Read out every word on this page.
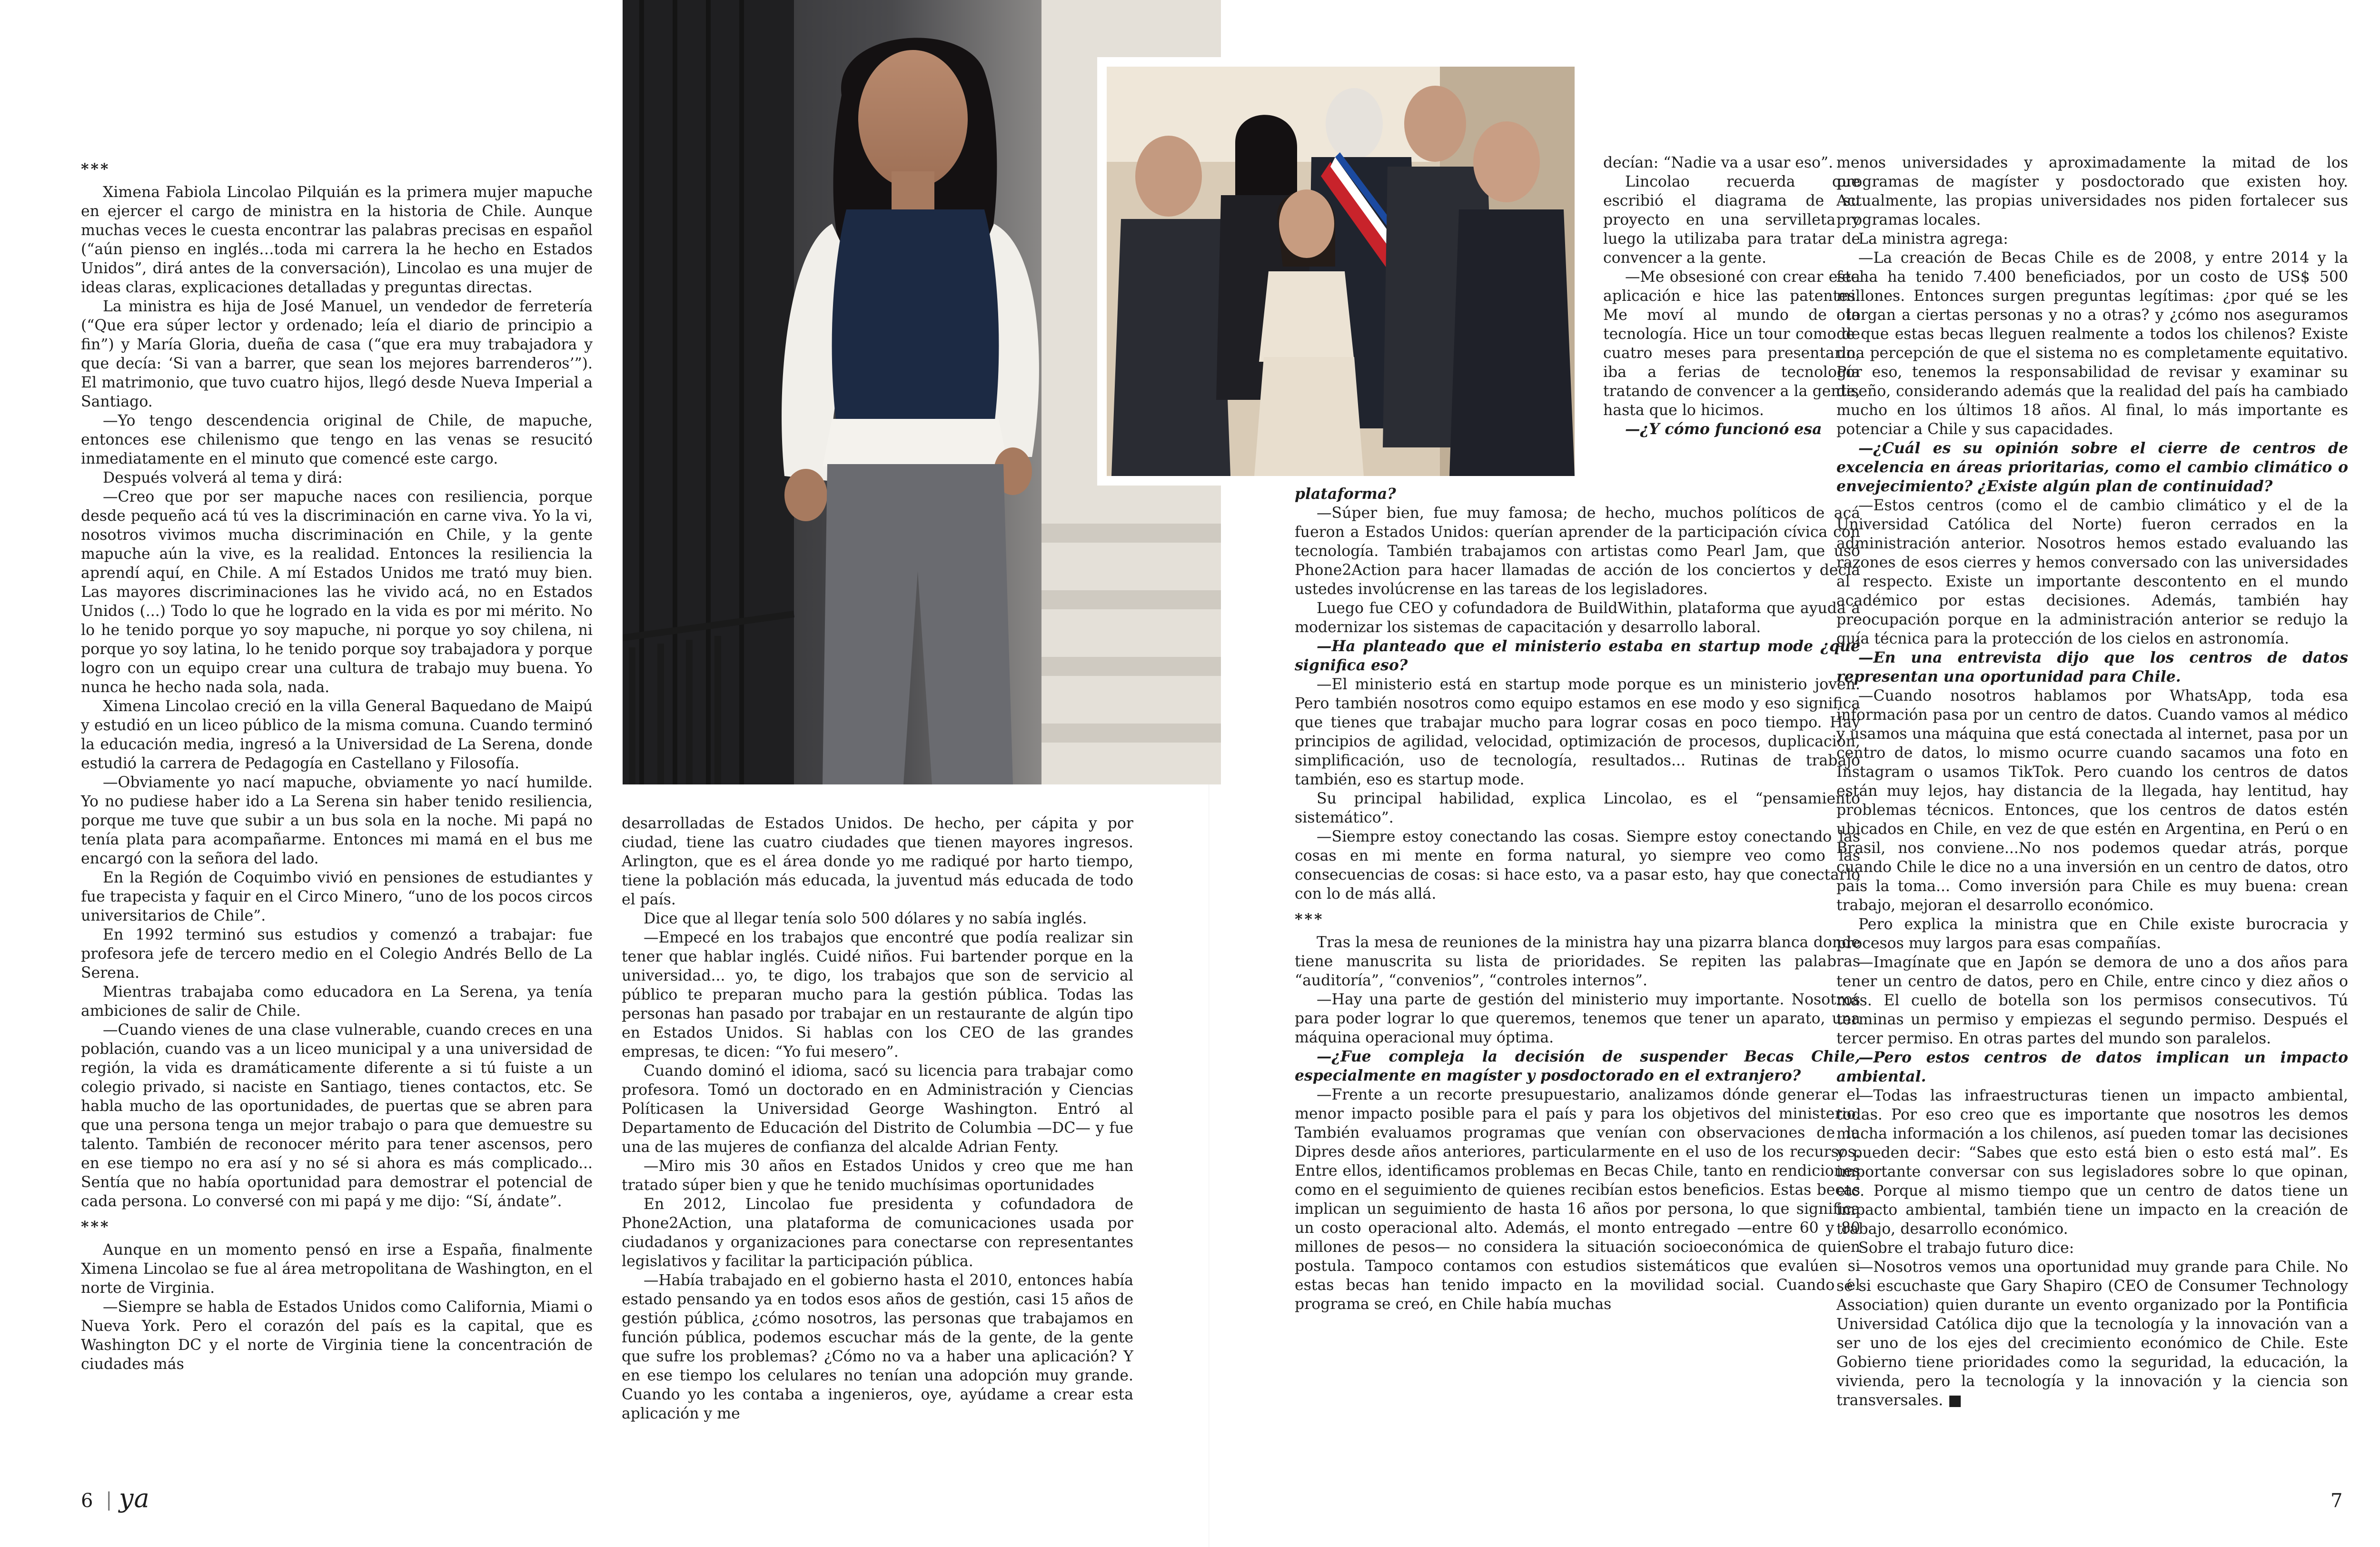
***

Ximena Fabiola Lincolao Pilquián es la primera mujer mapuche en ejercer el cargo de ministra en la historia de Chile. Aunque muchas veces le cuesta encontrar las palabras precisas en español (“aún pienso en inglés…toda mi carrera la he hecho en Estados Unidos”, dirá antes de la conversación), Lincolao es una mujer de ideas claras, explicaciones detalladas y preguntas directas.

La ministra es hija de José Manuel, un vendedor de ferretería (“Que era súper lector y ordenado; leía el diario de principio a fin”) y María Gloria, dueña de casa (“que era muy trabajadora y que decía: ‘Si van a barrer, que sean los mejores barrenderos’”). El matrimonio, que tuvo cuatro hijos, llegó desde Nueva Imperial a Santiago.

—Yo tengo descendencia original de Chile, de mapuche, entonces ese chilenismo que tengo en las venas se resucitó inmediatamente en el minuto que comencé este cargo.

Después volverá al tema y dirá:

—Creo que por ser mapuche naces con resiliencia, porque desde pequeño acá tú ves la discriminación en carne viva. Yo la vi, nosotros vivimos mucha discriminación en Chile, y la gente mapuche aún la vive, es la realidad. Entonces la resiliencia la aprendí aquí, en Chile. A mí Estados Unidos me trató muy bien. Las mayores discriminaciones las he vivido acá, no en Estados Unidos (...) Todo lo que he logrado en la vida es por mi mérito. No lo he tenido porque yo soy mapuche, ni porque yo soy chilena, ni porque yo soy latina, lo he tenido porque soy trabajadora y porque logro con un equipo crear una cultura de trabajo muy buena. Yo nunca he hecho nada sola, nada.

Ximena Lincolao creció en la villa General Baquedano de Maipú y estudió en un liceo público de la misma comuna. Cuando terminó la educación media, ingresó a la Universidad de La Serena, donde estudió la carrera de Pedagogía en Castellano y Filosofía.

—Obviamente yo nací mapuche, obviamente yo nací humilde. Yo no pudiese haber ido a La Serena sin haber tenido resiliencia, porque me tuve que subir a un bus sola en la noche. Mi papá no tenía plata para acompañarme. Entonces mi mamá en el bus me encargó con la señora del lado.

En la Región de Coquimbo vivió en pensiones de estudiantes y fue trapecista y faquir en el Circo Minero, “uno de los pocos circos universitarios de Chile”.

En 1992 terminó sus estudios y comenzó a trabajar: fue profesora jefe de tercero medio en el Colegio Andrés Bello de La Serena.

Mientras trabajaba como educadora en La Serena, ya tenía ambiciones de salir de Chile.

—Cuando vienes de una clase vulnerable, cuando creces en una población, cuando vas a un liceo municipal y a una universidad de región, la vida es dramáticamente diferente a si tú fuiste a un colegio privado, si naciste en Santiago, tienes contactos, etc. Se habla mucho de las oportunidades, de puertas que se abren para que una persona tenga un mejor trabajo o para que demuestre su talento. También de reconocer mérito para tener ascensos, pero en ese tiempo no era así y no sé si ahora es más complicado... Sentía que no había oportunidad para demostrar el potencial de cada persona. Lo conversé con mi papá y me dijo: “Sí, ándate”.

***

Aunque en un momento pensó en irse a España, finalmente Ximena Lincolao se fue al área metropolitana de Washington, en el norte de Virginia.

—Siempre se habla de Estados Unidos como California, Miami o Nueva York. Pero el corazón del país es la capital, que es Washington DC y el norte de Virginia tiene la concentración de ciudades más

desarrolladas de Estados Unidos. De hecho, per cápita y por ciudad, tiene las cuatro ciudades que tienen mayores ingresos. Arlington, que es el área donde yo me radiqué por harto tiempo, tiene la población más educada, la juventud más educada de todo el país.

Dice que al llegar tenía solo 500 dólares y no sabía inglés.

—Empecé en los trabajos que encontré que podía realizar sin tener que hablar inglés. Cuidé niños. Fui bartender porque en la universidad... yo, te digo, los trabajos que son de servicio al público te preparan mucho para la gestión pública. Todas las personas han pasado por trabajar en un restaurante de algún tipo en Estados Unidos. Si hablas con los CEO de las grandes empresas, te dicen: “Yo fui mesero”.

Cuando dominó el idioma, sacó su licencia para trabajar como profesora. Tomó un doctorado en en Administración y Ciencias Políticasen la Universidad George Washington. Entró al Departamento de Educación del Distrito de Columbia —DC— y fue una de las mujeres de confianza del alcalde Adrian Fenty.

—Miro mis 30 años en Estados Unidos y creo que me han tratado súper bien y que he tenido muchísimas oportunidades

En 2012, Lincolao fue presidenta y cofundadora de Phone2Action, una plataforma de comunicaciones usada por ciudadanos y organizaciones para conectarse con representantes legislativos y facilitar la participación pública.

—Había trabajado en el gobierno hasta el 2010, entonces había estado pensando ya en todos esos años de gestión, casi 15 años de gestión pública, ¿cómo nosotros, las personas que trabajamos en función pública, podemos escuchar más de la gente, de la gente que sufre los problemas? ¿Cómo no va a haber una aplicación? Y en ese tiempo los celulares no tenían una adopción muy grande. Cuando yo les contaba a ingenieros, oye, ayúdame a crear esta aplicación y me

decían: “Nadie va a usar eso”.

Lincolao recuerda que escribió el diagrama de su proyecto en una servilleta y luego la utilizaba para tratar de convencer a la gente.

—Me obsesioné con crear esta aplicación e hice las patentes. Me moví al mundo de la tecnología. Hice un tour como de cuatro meses para presentarlo, iba a ferias de tecnología tratando de convencer a la gente, hasta que lo hicimos.

—¿Y cómo funcionó esa

plataforma?

—Súper bien, fue muy famosa; de hecho, muchos políticos de acá fueron a Estados Unidos: querían aprender de la participación cívica con tecnología. También trabajamos con artistas como Pearl Jam, que usó Phone2Action para hacer llamadas de acción de los conciertos y decía ustedes involúcrense en las tareas de los legisladores.

Luego fue CEO y cofundadora de BuildWithin, plataforma que ayuda a modernizar los sistemas de capacitación y desarrollo laboral.

—Ha planteado que el ministerio estaba en startup mode ¿qué significa eso?

—El ministerio está en startup mode porque es un ministerio joven. Pero también nosotros como equipo estamos en ese modo y eso significa que tienes que trabajar mucho para lograr cosas en poco tiempo. Hay principios de agilidad, velocidad, optimización de procesos, duplicación, simplificación, uso de tecnología, resultados... Rutinas de trabajo también, eso es startup mode.

Su principal habilidad, explica Lincolao, es el “pensamiento sistemático”.

—Siempre estoy conectando las cosas. Siempre estoy conectando las cosas en mi mente en forma natural, yo siempre veo como las consecuencias de cosas: si hace esto, va a pasar esto, hay que conectarlo con lo de más allá.

***

Tras la mesa de reuniones de la ministra hay una pizarra blanca donde tiene manuscrita su lista de prioridades. Se repiten las palabras “auditoría”, “convenios”, “controles internos”.

—Hay una parte de gestión del ministerio muy importante. Nosotros para poder lograr lo que queremos, tenemos que tener un aparato, una máquina operacional muy óptima.

—¿Fue compleja la decisión de suspender Becas Chile, especialmente en magíster y posdoctorado en el extranjero?

—Frente a un recorte presupuestario, analizamos dónde generar el menor impacto posible para el país y para los objetivos del ministerio. También evaluamos programas que venían con observaciones de la Dipres desde años anteriores, particularmente en el uso de los recursos. Entre ellos, identificamos problemas en Becas Chile, tanto en rendiciones como en el seguimiento de quienes recibían estos beneficios. Estas becas implican un seguimiento de hasta 16 años por persona, lo que significa un costo operacional alto. Además, el monto entregado —entre 60 y 80 millones de pesos— no considera la situación socioeconómica de quien postula. Tampoco contamos con estudios sistemáticos que evalúen si estas becas han tenido impacto en la movilidad social. Cuando el programa se creó, en Chile había muchas

menos universidades y aproximadamente la mitad de los programas de magíster y posdoctorado que existen hoy. Actualmente, las propias universidades nos piden fortalecer sus programas locales.

La ministra agrega:

—La creación de Becas Chile es de 2008, y entre 2014 y la fecha ha tenido 7.400 beneficiados, por un costo de US$ 500 millones. Entonces surgen preguntas legítimas: ¿por qué se les otorgan a ciertas personas y no a otras? y ¿cómo nos aseguramos de que estas becas lleguen realmente a todos los chilenos? Existe una percepción de que el sistema no es completamente equitativo. Por eso, tenemos la responsabilidad de revisar y examinar su diseño, considerando además que la realidad del país ha cambiado mucho en los últimos 18 años. Al final, lo más importante es potenciar a Chile y sus capacidades.

—¿Cuál es su opinión sobre el cierre de centros de excelencia en áreas prioritarias, como el cambio climático o envejecimiento? ¿Existe algún plan de continuidad?

—Estos centros (como el de cambio climático y el de la Universidad Católica del Norte) fueron cerrados en la administración anterior. Nosotros hemos estado evaluando las razones de esos cierres y hemos conversado con las universidades al respecto. Existe un importante descontento en el mundo académico por estas decisiones. Además, también hay preocupación porque en la administración anterior se redujo la guía técnica para la protección de los cielos en astronomía.

—En una entrevista dijo que los centros de datos representan una oportunidad para Chile.

—Cuando nosotros hablamos por WhatsApp, toda esa información pasa por un centro de datos. Cuando vamos al médico y usamos una máquina que está conectada al internet, pasa por un centro de datos, lo mismo ocurre cuando sacamos una foto en Instagram o usamos TikTok. Pero cuando los centros de datos están muy lejos, hay distancia de la llegada, hay lentitud, hay problemas técnicos. Entonces, que los centros de datos estén ubicados en Chile, en vez de que estén en Argentina, en Perú o en Brasil, nos conviene...No nos podemos quedar atrás, porque cuando Chile le dice no a una inversión en un centro de datos, otro país la toma... Como inversión para Chile es muy buena: crean trabajo, mejoran el desarrollo económico.

Pero explica la ministra que en Chile existe burocracia y procesos muy largos para esas compañías.

—Imagínate que en Japón se demora de uno a dos años para tener un centro de datos, pero en Chile, entre cinco y diez años o más. El cuello de botella son los permisos consecutivos. Tú terminas un permiso y empiezas el segundo permiso. Después el tercer permiso. En otras partes del mundo son paralelos.

—Pero estos centros de datos implican un impacto ambiental.

—Todas las infraestructuras tienen un impacto ambiental, todas. Por eso creo que es importante que nosotros les demos mucha información a los chilenos, así pueden tomar las decisiones y pueden decir: “Sabes que esto está bien o esto está mal”. Es importante conversar con sus legisladores sobre lo que opinan, etc. Porque al mismo tiempo que un centro de datos tiene un impacto ambiental, también tiene un impacto en la creación de trabajo, desarrollo económico.

Sobre el trabajo futuro dice:

—Nosotros vemos una oportunidad muy grande para Chile. No sé si escuchaste que Gary Shapiro (CEO de Consumer Technology Association) quien durante un evento organizado por la Pontificia Universidad Católica dijo que la tecnología y la innovación van a ser uno de los ejes del crecimiento económico de Chile. Este Gobierno tiene prioridades como la seguridad, la educación, la vivienda, pero la tecnología y la innovación y la ciencia son transversales. ■

6 | ya	7
